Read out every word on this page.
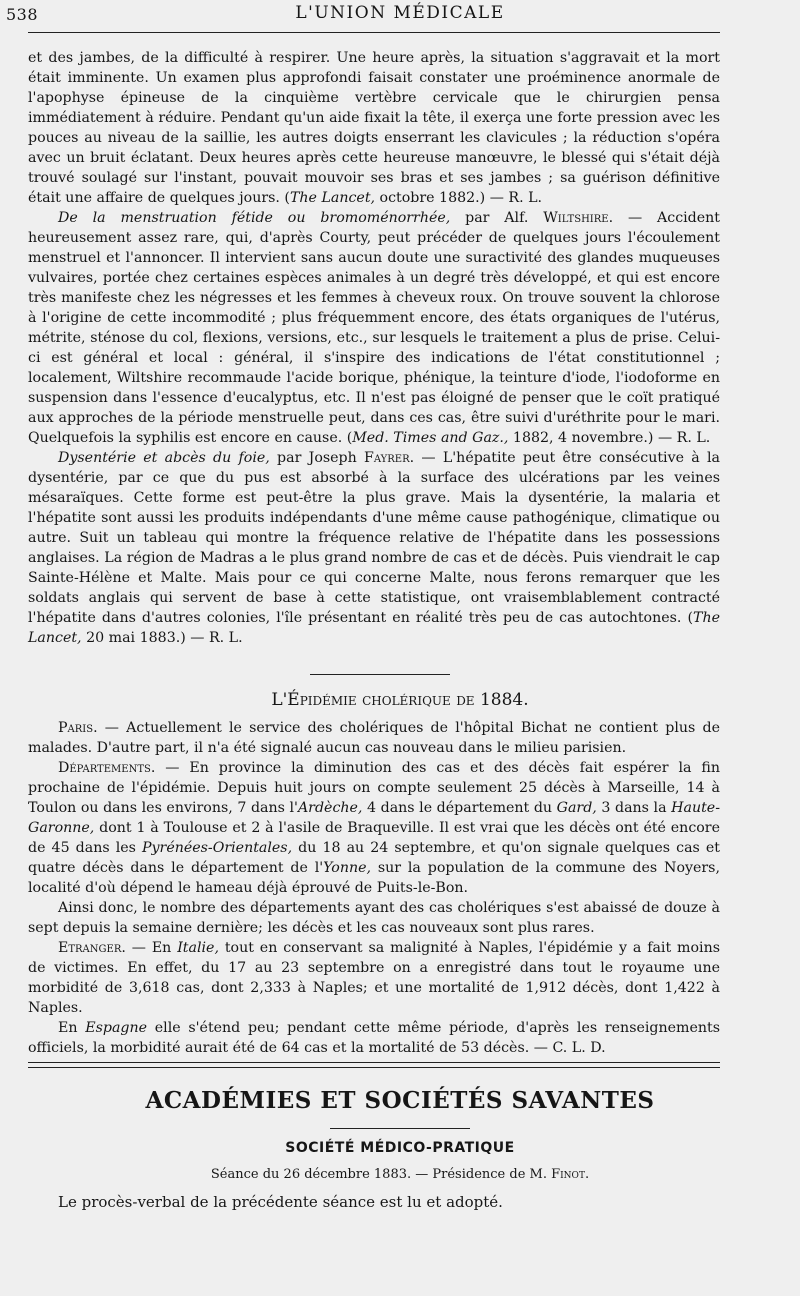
538	L'UNION MÉDICALE

et des jambes, de la difficulté à respirer. Une heure après, la situation s'aggravait et la mort était imminente. Un examen plus approfondi faisait constater une proéminence anormale de l'apophyse épineuse de la cinquième vertèbre cervicale que le chirurgien pensa immédiatement à réduire. Pendant qu'un aide fixait la tête, il exerça une forte pression avec les pouces au niveau de la saillie, les autres doigts enserrant les clavicules ; la réduction s'opéra avec un bruit éclatant. Deux heures après cette heureuse manœuvre, le blessé qui s'était déjà trouvé soulagé sur l'instant, pouvait mouvoir ses bras et ses jambes ; sa guérison définitive était une affaire de quelques jours. (The Lancet, octobre 1882.) — R. L.

De la menstruation fétide ou bromoménorrhée, par Alf. Wiltshire. — Accident heureusement assez rare, qui, d'après Courty, peut précéder de quelques jours l'écoulement menstruel et l'annoncer. Il intervient sans aucun doute une suractivité des glandes muqueuses vulvaires, portée chez certaines espèces animales à un degré très développé, et qui est encore très manifeste chez les négresses et les femmes à cheveux roux. On trouve souvent la chlorose à l'origine de cette incommodité ; plus fréquemment encore, des états organiques de l'utérus, métrite, sténose du col, flexions, versions, etc., sur lesquels le traitement a plus de prise. Celui-ci est général et local : général, il s'inspire des indications de l'état constitutionnel ; localement, Wiltshire recommaude l'acide borique, phénique, la teinture d'iode, l'iodoforme en suspension dans l'essence d'eucalyptus, etc. Il n'est pas éloigné de penser que le coït pratiqué aux approches de la période menstruelle peut, dans ces cas, être suivi d'uréthrite pour le mari. Quelquefois la syphilis est encore en cause. (Med. Times and Gaz., 1882, 4 novembre.) — R. L.

Dysentérie et abcès du foie, par Joseph Fayrer. — L'hépatite peut être consécutive à la dysentérie, par ce que du pus est absorbé à la surface des ulcérations par les veines mésaraïques. Cette forme est peut-être la plus grave. Mais la dysentérie, la malaria et l'hépatite sont aussi les produits indépendants d'une même cause pathogénique, climatique ou autre. Suit un tableau qui montre la fréquence relative de l'hépatite dans les possessions anglaises. La région de Madras a le plus grand nombre de cas et de décès. Puis viendrait le cap Sainte-Hélène et Malte. Mais pour ce qui concerne Malte, nous ferons remarquer que les soldats anglais qui servent de base à cette statistique, ont vraisemblablement contracté l'hépatite dans d'autres colonies, l'île présentant en réalité très peu de cas autochtones. (The Lancet, 20 mai 1883.) — R. L.

L'Épidémie cholérique de 1884.

Paris. — Actuellement le service des cholériques de l'hôpital Bichat ne contient plus de malades. D'autre part, il n'a été signalé aucun cas nouveau dans le milieu parisien.

Départements. — En province la diminution des cas et des décès fait espérer la fin prochaine de l'épidémie. Depuis huit jours on compte seulement 25 décès à Marseille, 14 à Toulon ou dans les environs, 7 dans l'Ardèche, 4 dans le département du Gard, 3 dans la Haute-Garonne, dont 1 à Toulouse et 2 à l'asile de Braqueville. Il est vrai que les décès ont été encore de 45 dans les Pyrénées-Orientales, du 18 au 24 septembre, et qu'on signale quelques cas et quatre décès dans le département de l'Yonne, sur la population de la commune des Noyers, localité d'où dépend le hameau déjà éprouvé de Puits-le-Bon.

Ainsi donc, le nombre des départements ayant des cas cholériques s'est abaissé de douze à sept depuis la semaine dernière; les décès et les cas nouveaux sont plus rares.

Etranger. — En Italie, tout en conservant sa malignité à Naples, l'épidémie y a fait moins de victimes. En effet, du 17 au 23 septembre on a enregistré dans tout le royaume une morbidité de 3,618 cas, dont 2,333 à Naples; et une mortalité de 1,912 décès, dont 1,422 à Naples.

En Espagne elle s'étend peu; pendant cette même période, d'après les renseignements officiels, la morbidité aurait été de 64 cas et la mortalité de 53 décès. — C. L. D.

ACADÉMIES ET SOCIÉTÉS SAVANTES
SOCIÉTÉ MÉDICO-PRATIQUE
Séance du 26 décembre 1883. — Présidence de M. Finot.
Le procès-verbal de la précédente séance est lu et adopté.
